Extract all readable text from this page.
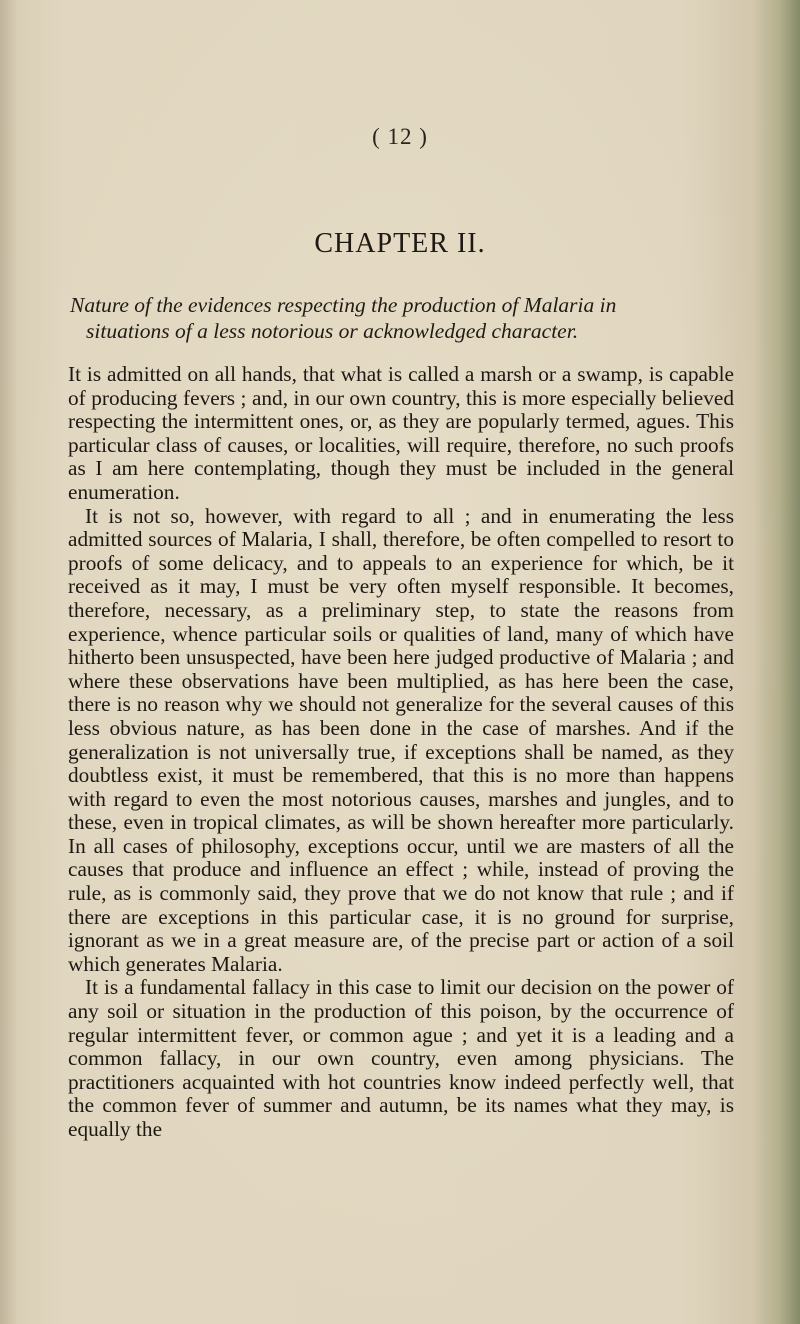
( 12 )
CHAPTER II.
Nature of the evidences respecting the production of Malaria in
situations of a less notorious or acknowledged character.

It is admitted on all hands, that what is called a marsh or a swamp, is capable of producing fevers ; and, in our own country, this is more especially believed respecting the intermittent ones, or, as they are popularly termed, agues. This particular class of causes, or localities, will require, therefore, no such proofs as I am here contemplating, though they must be included in the general enumeration.

It is not so, however, with regard to all ; and in enumerating the less admitted sources of Malaria, I shall, therefore, be often compelled to resort to proofs of some delicacy, and to appeals to an experience for which, be it received as it may, I must be very often myself responsible. It becomes, therefore, necessary, as a preliminary step, to state the reasons from experience, whence particular soils or qualities of land, many of which have hitherto been unsuspected, have been here judged productive of Malaria ; and where these observations have been multiplied, as has here been the case, there is no reason why we should not generalize for the several causes of this less obvious nature, as has been done in the case of marshes. And if the generalization is not universally true, if exceptions shall be named, as they doubtless exist, it must be remembered, that this is no more than happens with regard to even the most notorious causes, marshes and jungles, and to these, even in tropical climates, as will be shown hereafter more particularly. In all cases of philosophy, exceptions occur, until we are masters of all the causes that produce and influence an effect ; while, instead of proving the rule, as is commonly said, they prove that we do not know that rule ; and if there are exceptions in this particular case, it is no ground for surprise, ignorant as we in a great measure are, of the precise part or action of a soil which generates Malaria.

It is a fundamental fallacy in this case to limit our decision on the power of any soil or situation in the production of this poison, by the occurrence of regular intermittent fever, or common ague ; and yet it is a leading and a common fallacy, in our own country, even among physicians. The practitioners acquainted with hot countries know indeed perfectly well, that the common fever of summer and autumn, be its names what they may, is equally the
